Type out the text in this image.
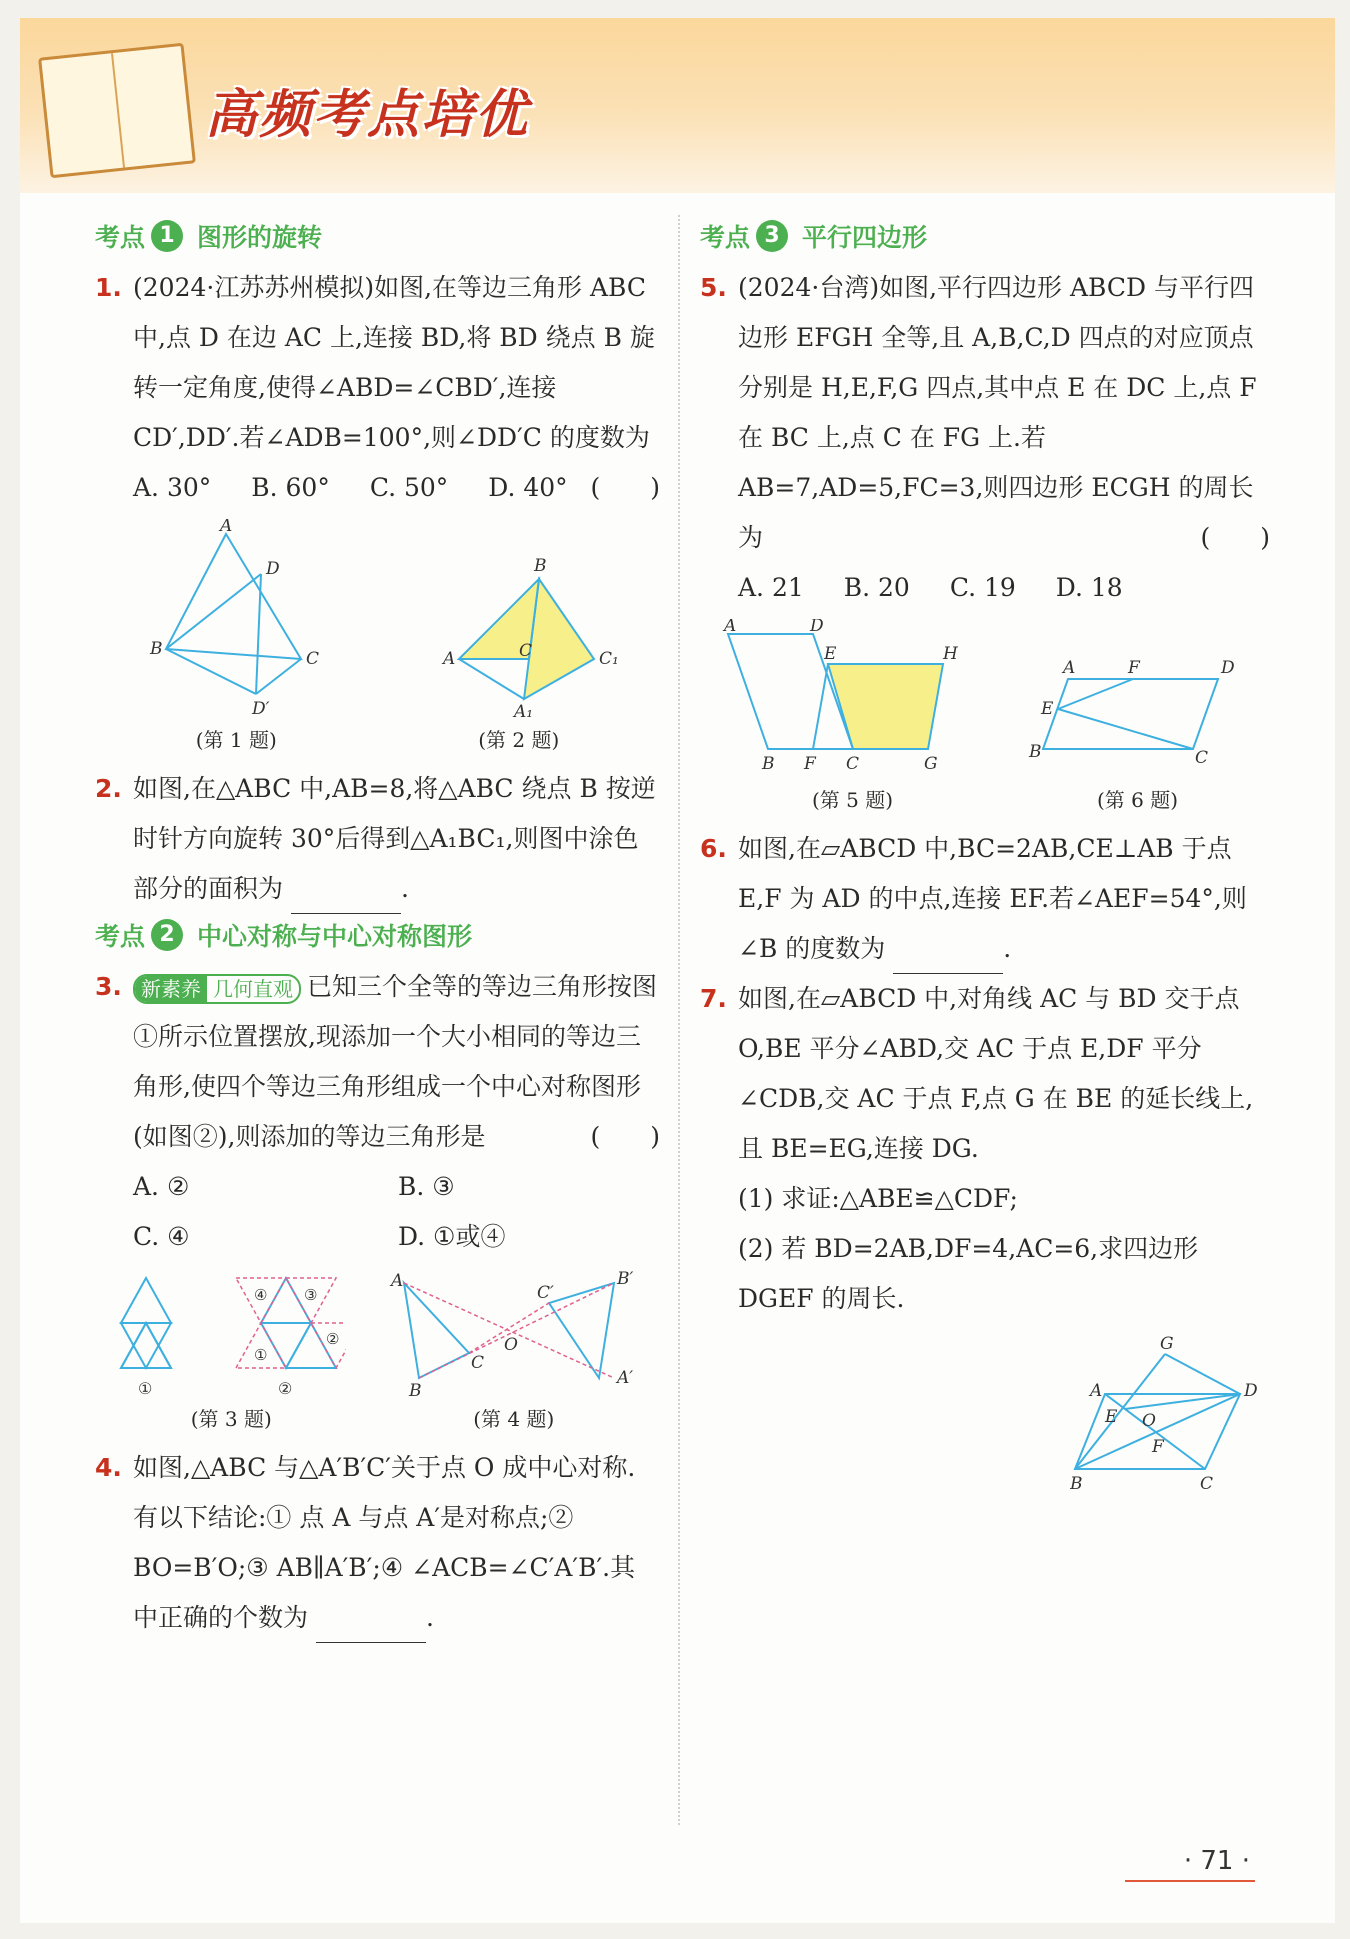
高频考点培优
考点 1 图形的旋转
1. (2024·江苏苏州模拟)如图,在等边三角形 ABC 中,点 D 在边 AC 上,连接 BD,将 BD 绕点 B 旋转一定角度,使得∠ABD=∠CBD′,连接 CD′,DD′.若∠ADB=100°,则∠DD′C 的度数为
(　　)
A. 30° B. 60° C. 50° D. 40°
A
D
B	C
D′
(第 1 题)
B
A	C	C₁
A₁
(第 2 题)
2. 如图,在△ABC 中,AB=8,将△ABC 绕点 B 按逆时针方向旋转 30°后得到△A₁BC₁,则图中涂色部分的面积为	.
考点 2 中心对称与中心对称图形
3. 新素养 几何直观 已知三个全等的等边三角形按图①所示位置摆放,现添加一个大小相同的等边三角形,使四个等边三角形组成一个中心对称图形(如图②),则添加的等边三角形是	(　　)
A. ②	B. ③
C. ④	D. ①或④
④ ③
①
②
①	②
(第 3 题)
A
B
C
O
C′
B′
A′
(第 4 题)
4. 如图,△ABC 与△A′B′C′关于点 O 成中心对称.有以下结论:① 点 A 与点 A′是对称点;② BO=B′O;③ AB∥A′B′;④ ∠ACB=∠C′A′B′.其中正确的个数为	.
考点 3 平行四边形
5. (2024·台湾)如图,平行四边形 ABCD 与平行四边形 EFGH 全等,且 A,B,C,D 四点的对应顶点分别是 H,E,F,G 四点,其中点 E 在 DC 上,点 F 在 BC 上,点 C 在 FG 上.若 AB=7,AD=5,FC=3,则四边形 ECGH 的周长为	(　　)
A. 21 B. 20 C. 19 D. 18
A	D
E	H
B F C	G
(第 5 题)
A	F	D
E
B	C
(第 6 题)
6. 如图,在▱ABCD 中,BC=2AB,CE⊥AB 于点 E,F 为 AD 的中点,连接 EF.若∠AEF=54°,则∠B 的度数为	.
7. 如图,在▱ABCD 中,对角线 AC 与 BD 交于点 O,BE 平分∠ABD,交 AC 于点 E,DF 平分∠CDB,交 AC 于点 F,点 G 在 BE 的延长线上,且 BE=EG,连接 DG.
(1) 求证:△ABE≌△CDF;
(2) 若 BD=2AB,DF=4,AC=6,求四边形 DGEF 的周长.
G
A	D
E O
F
B	C
· 71 ·
